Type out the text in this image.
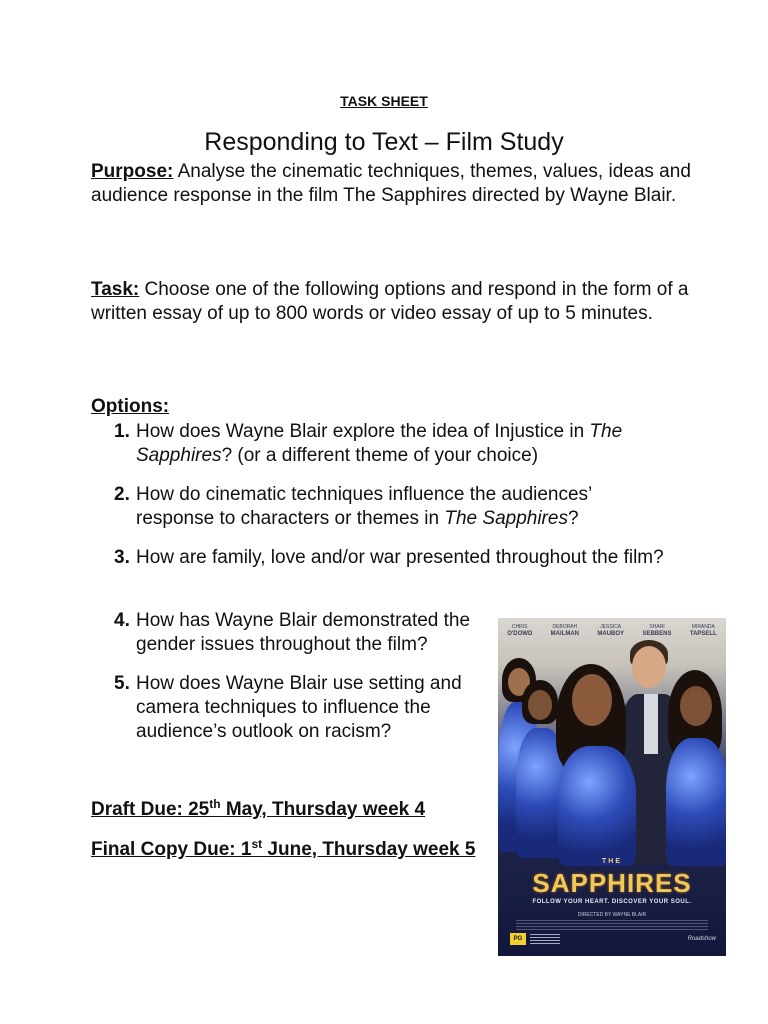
TASK SHEET
Responding to Text – Film Study
Purpose: Analyse the cinematic techniques, themes, values, ideas and audience response in the film The Sapphires directed by Wayne Blair.
Task: Choose one of the following options and respond in the form of a written essay of up to 800 words or video essay of up to 5 minutes.
Options:
1. How does Wayne Blair explore the idea of Injustice in The Sapphires? (or a different theme of your choice)
2. How do cinematic techniques influence the audiences’ response to characters or themes in The Sapphires?
3. How are family, love and/or war presented throughout the film?
4. How has Wayne Blair demonstrated the gender issues throughout the film?
5. How does Wayne Blair use setting and camera techniques to influence the audience’s outlook on racism?
Draft Due: 25th May, Thursday week 4
Final Copy Due: 1st June, Thursday week 5
CHRIS
O'DOWD
DEBORAH
MAILMAN
JESSICA
MAUBOY
SHARI
SEBBENS
MIRANDA
TAPSELL
THE
SAPPHIRES
FOLLOW YOUR HEART. DISCOVER YOUR SOUL.
DIRECTED BY WAYNE BLAIR
PG	Roadshow
